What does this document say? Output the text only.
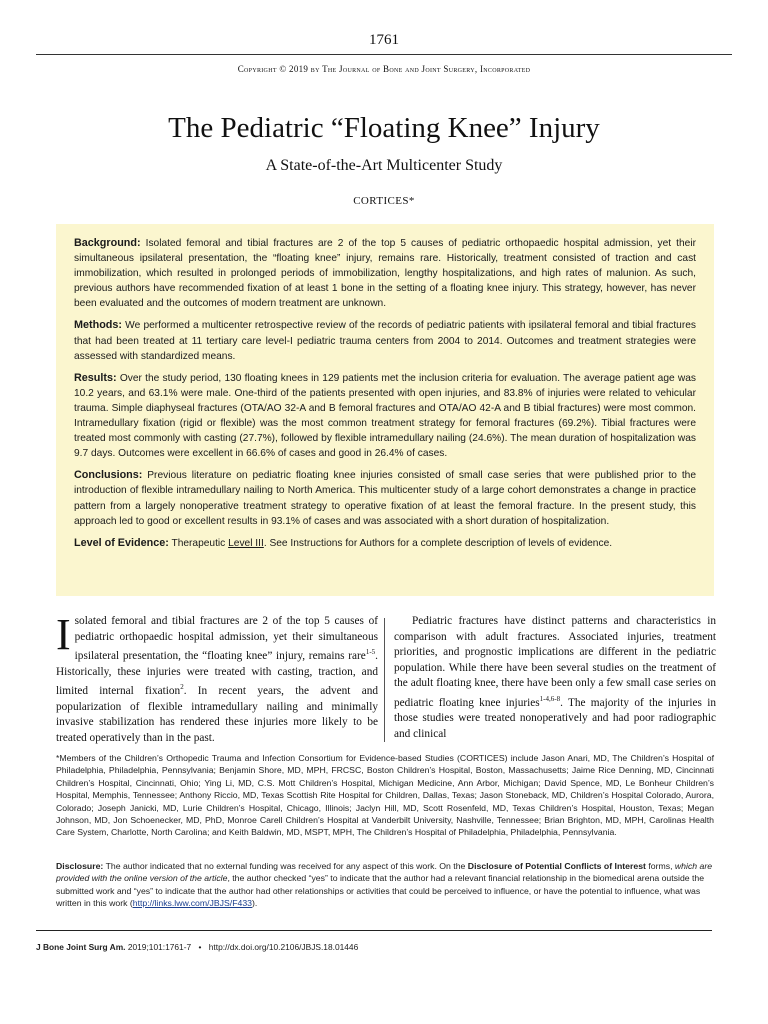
1761
Copyright © 2019 by The Journal of Bone and Joint Surgery, Incorporated
The Pediatric “Floating Knee” Injury
A State-of-the-Art Multicenter Study
CORTICES*

Background: Isolated femoral and tibial fractures are 2 of the top 5 causes of pediatric orthopaedic hospital admission, yet their simultaneous ipsilateral presentation, the “floating knee” injury, remains rare. Historically, treatment consisted of traction and cast immobilization, which resulted in prolonged periods of immobilization, lengthy hospitalizations, and high rates of malunion. As such, previous authors have recommended fixation of at least 1 bone in the setting of a floating knee injury. This strategy, however, has never been evaluated and the outcomes of modern treatment are unknown.

Methods: We performed a multicenter retrospective review of the records of pediatric patients with ipsilateral femoral and tibial fractures that had been treated at 11 tertiary care level-I pediatric trauma centers from 2004 to 2014. Outcomes and treatment strategies were assessed with standardized means.

Results: Over the study period, 130 floating knees in 129 patients met the inclusion criteria for evaluation. The average patient age was 10.2 years, and 63.1% were male. One-third of the patients presented with open injuries, and 83.8% of injuries were related to vehicular trauma. Simple diaphyseal fractures (OTA/AO 32-A and B femoral fractures and OTA/AO 42-A and B tibial fractures) were most common. Intramedullary fixation (rigid or flexible) was the most common treatment strategy for femoral fractures (69.2%). Tibial fractures were treated most commonly with casting (27.7%), followed by flexible intramedullary nailing (24.6%). The mean duration of hospitalization was 9.7 days. Outcomes were excellent in 66.6% of cases and good in 26.4% of cases.

Conclusions: Previous literature on pediatric floating knee injuries consisted of small case series that were published prior to the introduction of flexible intramedullary nailing to North America. This multicenter study of a large cohort demonstrates a change in practice pattern from a largely nonoperative treatment strategy to operative fixation of at least the femoral fracture. In the present study, this approach led to good or excellent results in 93.1% of cases and was associated with a short duration of hospitalization.

Level of Evidence: Therapeutic Level III. See Instructions for Authors for a complete description of levels of evidence.

Isolated femoral and tibial fractures are 2 of the top 5 causes of pediatric orthopaedic hospital admission, yet their simultaneous ipsilateral presentation, the “floating knee” injury, remains rare$^{1-5}$. Historically, these injuries were treated with casting, traction, and limited internal fixation$^2$. In recent years, the advent and popularization of flexible intramedullary nailing and minimally invasive stabilization has rendered these injuries more likely to be treated operatively than in the past.
Pediatric fractures have distinct patterns and characteristics in comparison with adult fractures. Associated injuries, treatment priorities, and prognostic implications are different in the pediatric population. While there have been several studies on the treatment of the adult floating knee, there have been only a few small case series on pediatric floating knee injuries$^{1-4,6-8}$. The majority of the injuries in those studies were treated nonoperatively and had poor radiographic and clinical

*Members of the Children’s Orthopedic Trauma and Infection Consortium for Evidence-based Studies (CORTICES) include Jason Anari, MD, The Children’s Hospital of Philadelphia, Philadelphia, Pennsylvania; Benjamin Shore, MD, MPH, FRCSC, Boston Children’s Hospital, Boston, Massachusetts; Jaime Rice Denning, MD, Cincinnati Children’s Hospital, Cincinnati, Ohio; Ying Li, MD, C.S. Mott Children’s Hospital, Michigan Medicine, Ann Arbor, Michigan; David Spence, MD, Le Bonheur Children’s Hospital, Memphis, Tennessee; Anthony Riccio, MD, Texas Scottish Rite Hospital for Children, Dallas, Texas; Jason Stoneback, MD, Children’s Hospital Colorado, Aurora, Colorado; Joseph Janicki, MD, Lurie Children’s Hospital, Chicago, Illinois; Jaclyn Hill, MD, Scott Rosenfeld, MD, Texas Children’s Hospital, Houston, Texas; Megan Johnson, MD, Jon Schoenecker, MD, PhD, Monroe Carell Children’s Hospital at Vanderbilt University, Nashville, Tennessee; Brian Brighton, MD, MPH, Carolinas Health Care System, Charlotte, North Carolina; and Keith Baldwin, MD, MSPT, MPH, The Children’s Hospital of Philadelphia, Philadelphia, Pennsylvania.

Disclosure: The author indicated that no external funding was received for any aspect of this work. On the Disclosure of Potential Conflicts of Interest forms, which are provided with the online version of the article, the author checked “yes” to indicate that the author had a relevant financial relationship in the biomedical arena outside the submitted work and “yes” to indicate that the author had other relationships or activities that could be perceived to influence, or have the potential to influence, what was written in this work (http://links.lww.com/JBJS/F433).
J Bone Joint Surg Am. 2019;101:1761-7 • http://dx.doi.org/10.2106/JBJS.18.01446
